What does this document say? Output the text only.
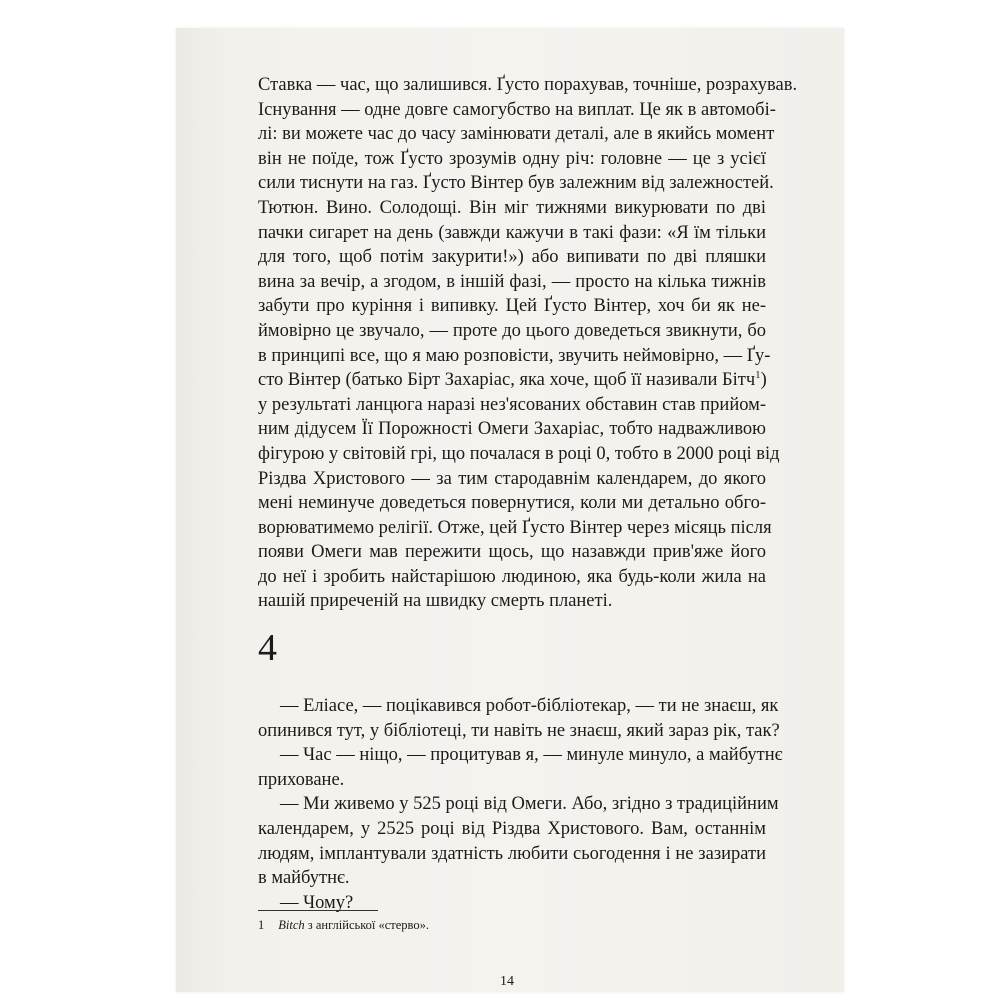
Ставка — час, що залишився. Ґусто порахував, точніше, розрахував.
Існування — одне довге самогубство на виплат. Це як в автомобі-
лі: ви можете час до часу замінювати деталі, але в якийсь момент
він не поїде, тож Ґусто зрозумів одну річ: головне — це з усієї
сили тиснути на газ. Ґусто Вінтер був залежним від залежностей.
Тютюн. Вино. Солодощі. Він міг тижнями викурювати по дві
пачки сигарет на день (завжди кажучи в такі фази: «Я їм тільки
для того, щоб потім закурити!») або випивати по дві пляшки
вина за вечір, а згодом, в іншій фазі, — просто на кілька тижнів
забути про куріння і випивку. Цей Ґусто Вінтер, хоч би як не-
ймовірно це звучало, — проте до цього доведеться звикнути, бо
в принципі все, що я маю розповісти, звучить неймовірно, — Ґу-
сто Вінтер (батько Бірт Захаріас, яка хоче, щоб її називали Бітч$^1$)
у результаті ланцюга наразі нез'ясованих обставин став прийом-
ним дідусем Її Порожності Омеги Захаріас, тобто надважливою
фігурою у світовій грі, що почалася в році 0, тобто в 2000 році від
Різдва Христового — за тим стародавнім календарем, до якого
мені неминуче доведеться повернутися, коли ми детально обго-
ворюватимемо релігії. Отже, цей Ґусто Вінтер через місяць після
появи Омеги мав пережити щось, що назавжди прив'яже його
до неї і зробить найстарішою людиною, яка будь-коли жила на
нашій приреченій на швидку смерть планеті.
4
— Еліасе, — поцікавився робот-бібліотекар, — ти не знаєш, як
опинився тут, у бібліотеці, ти навіть не знаєш, який зараз рік, так?
— Час — ніщо, — процитував я, — минуле минуло, а майбутнє
приховане.
— Ми живемо у 525 році від Омеги. Або, згідно з традиційним
календарем, у 2525 році від Різдва Христового. Вам, останнім
людям, імплантували здатність любити сьогодення і не зазирати
в майбутнє.
— Чому?
1 Bitch з англійської «стерво».
14
